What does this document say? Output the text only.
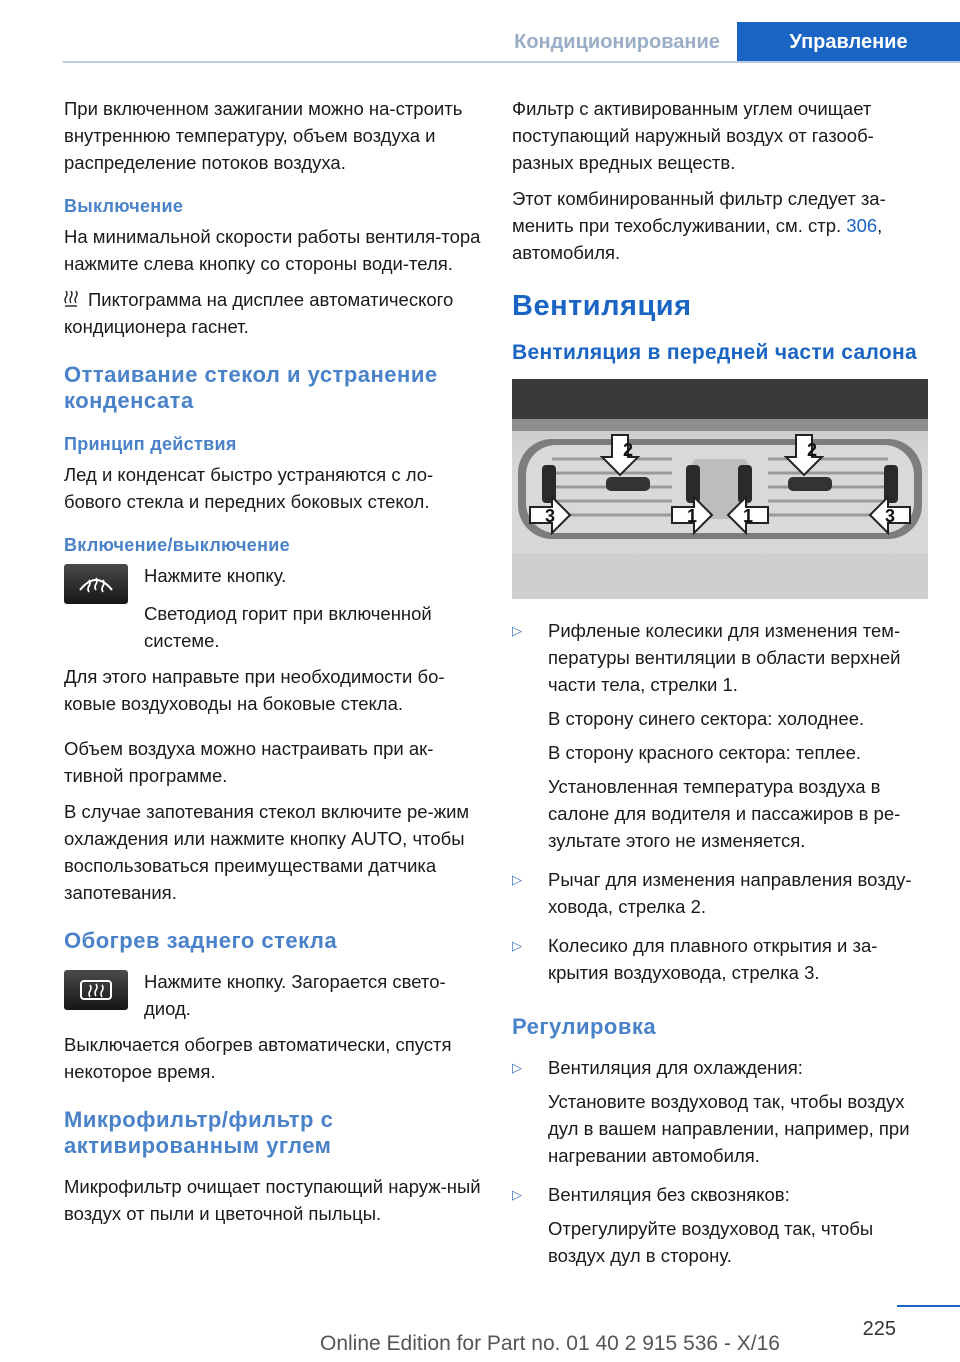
Кондиционирование	Управление

При включенном зажигании можно на-строить внутреннюю температуру, объем воздуха и распределение потоков воздуха.

Выключение

На минимальной скорости работы вентиля-тора нажмите слева кнопку со стороны води-теля.

Пиктограмма на дисплее автоматического кондиционера гаснет.

Оттаивание стекол и устранение конденсата
Принцип действия

Лед и конденсат быстро устраняются с ло-бового стекла и передних боковых стекол.

Включение/выключение

Нажмите кнопку.

Светодиод горит при включенной системе.

Для этого направьте при необходимости бо-ковые воздуховоды на боковые стекла.

Объем воздуха можно настраивать при ак-тивной программе.

В случае запотевания стекол включите ре-жим охлаждения или нажмите кнопку AUTO, чтобы воспользоваться преимуществами датчика запотевания.

Обогрев заднего стекла

Нажмите кнопку. Загорается свето-диод.

Выключается обогрев автоматически, спустя некоторое время.

Микрофильтр/фильтр с активированным углем

Микрофильтр очищает поступающий наруж-ный воздух от пыли и цветочной пыльцы.

Фильтр с активированным углем очищает поступающий наружный воздух от газооб-разных вредных веществ.

Этот комбинированный фильтр следует за-менить при техобслуживании, см. стр. 306, автомобиля.

Вентиляция
Вентиляция в передней части салона
2	2
3	1	1	3
▷ Рифленые колесики для изменения тем-пературы вентиляции в области верхней части тела, стрелки 1.
В сторону синего сектора: холоднее.
В сторону красного сектора: теплее.
Установленная температура воздуха в салоне для водителя и пассажиров в ре-зультате этого не изменяется.
▷ Рычаг для изменения направления возду-ховода, стрелка 2.
▷ Колесико для плавного открытия и за-крытия воздуховода, стрелка 3.
Регулировка
▷ Вентиляция для охлаждения:
Установите воздуховод так, чтобы воздух дул в вашем направлении, например, при нагревании автомобиля.
▷ Вентиляция без сквозняков:
Отрегулируйте воздуховод так, чтобы воздух дул в сторону.
225
Online Edition for Part no. 01 40 2 915 536 - X/16
